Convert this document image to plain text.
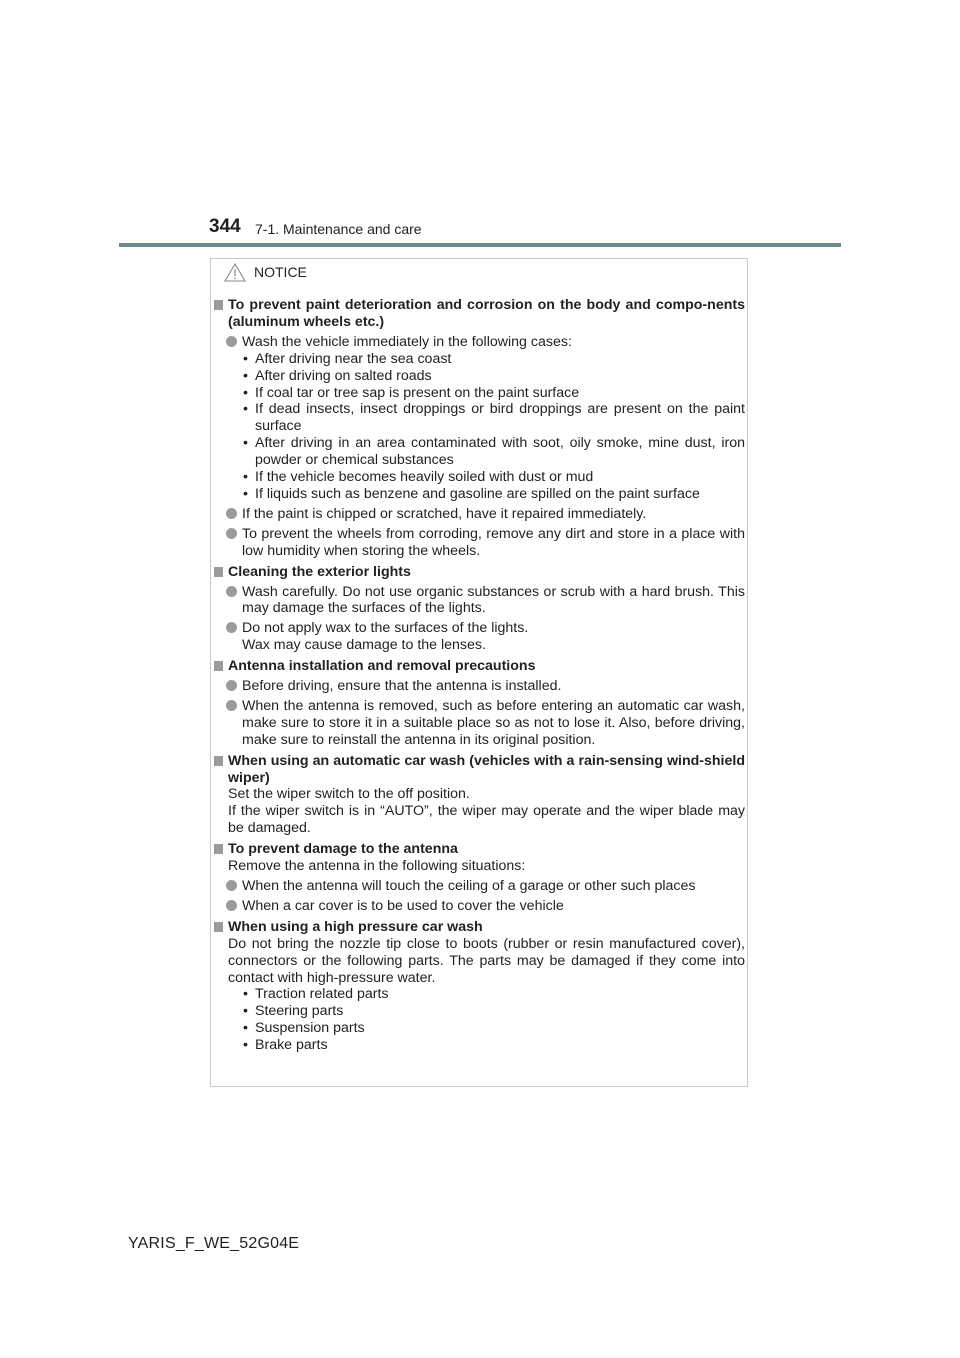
344 7-1. Maintenance and care
NOTICE
To prevent paint deterioration and corrosion on the body and compo-nents (aluminum wheels etc.)
Wash the vehicle immediately in the following cases:
• After driving near the sea coast
• After driving on salted roads
• If coal tar or tree sap is present on the paint surface
• If dead insects, insect droppings or bird droppings are present on the paint surface
• After driving in an area contaminated with soot, oily smoke, mine dust, iron powder or chemical substances
• If the vehicle becomes heavily soiled with dust or mud
• If liquids such as benzene and gasoline are spilled on the paint surface
If the paint is chipped or scratched, have it repaired immediately.
To prevent the wheels from corroding, remove any dirt and store in a place with low humidity when storing the wheels.
Cleaning the exterior lights
Wash carefully. Do not use organic substances or scrub with a hard brush. This may damage the surfaces of the lights.
Do not apply wax to the surfaces of the lights.
Wax may cause damage to the lenses.
Antenna installation and removal precautions
Before driving, ensure that the antenna is installed.
When the antenna is removed, such as before entering an automatic car wash, make sure to store it in a suitable place so as not to lose it. Also, before driving, make sure to reinstall the antenna in its original position.
When using an automatic car wash (vehicles with a rain-sensing wind-shield wiper)
Set the wiper switch to the off position.
If the wiper switch is in “AUTO”, the wiper may operate and the wiper blade may be damaged.
To prevent damage to the antenna
Remove the antenna in the following situations:
When the antenna will touch the ceiling of a garage or other such places
When a car cover is to be used to cover the vehicle
When using a high pressure car wash
Do not bring the nozzle tip close to boots (rubber or resin manufactured cover), connectors or the following parts. The parts may be damaged if they come into contact with high-pressure water.
• Traction related parts
• Steering parts
• Suspension parts
• Brake parts
YARIS_F_WE_52G04E
